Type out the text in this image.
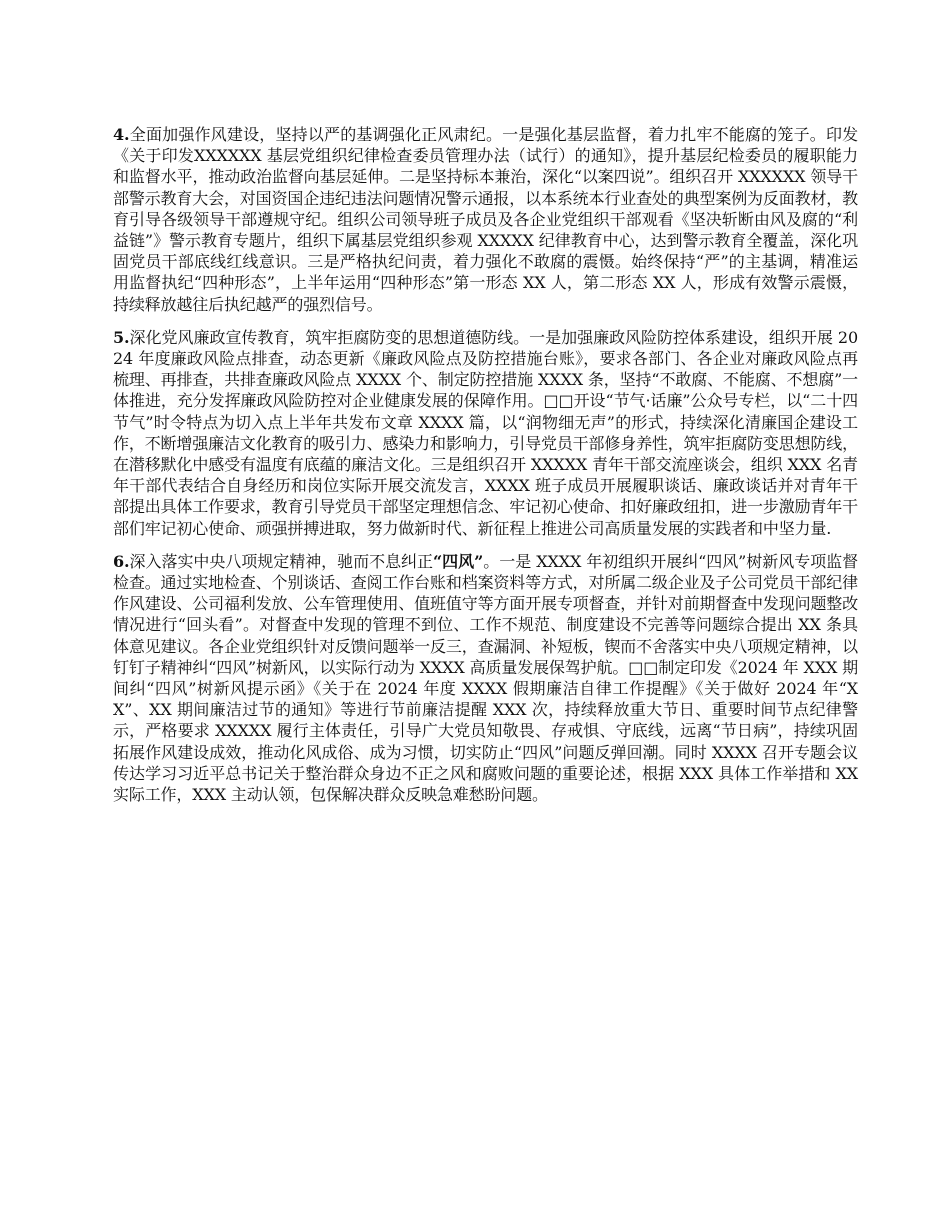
4.全面加强作风建设，坚持以严的基调强化正风肃纪。一是强化基层监督，着力扎牢不能腐的笼子。印发《关于印发XXXXXX 基层党组织纪律检查委员管理办法（试行）的通知》，提升基层纪检委员的履职能力和监督水平，推动政治监督向基层延伸。二是坚持标本兼治，深化“以案四说”。组织召开 XXXXXX 领导干部警示教育大会，对国资国企违纪违法问题情况警示通报，以本系统本行业查处的典型案例为反面教材，教育引导各级领导干部遵规守纪。组织公司领导班子成员及各企业党组织干部观看《坚决斩断由风及腐的“利益链”》警示教育专题片，组织下属基层党组织参观 XXXXX 纪律教育中心，达到警示教育全覆盖，深化巩固党员干部底线红线意识。三是严格执纪问责，着力强化不敢腐的震慑。始终保持“严”的主基调，精准运用监督执纪“四种形态”，上半年运用“四种形态”第一形态 XX 人，第二形态 XX 人，形成有效警示震慑，持续释放越往后执纪越严的强烈信号。

5.深化党风廉政宣传教育，筑牢拒腐防变的思想道德防线。一是加强廉政风险防控体系建设，组织开展 2024 年度廉政风险点排查，动态更新《廉政风险点及防控措施台账》，要求各部门、各企业对廉政风险点再梳理、再排查，共排查廉政风险点 XXXX 个、制定防控措施 XXXX 条，坚持“不敢腐、不能腐、不想腐”一体推进，充分发挥廉政风险防控对企业健康发展的保障作用。□□开设“节气·话廉”公众号专栏，以“二十四节气”时令特点为切入点上半年共发布文章 XXXX 篇，以“润物细无声”的形式，持续深化清廉国企建设工作，不断增强廉洁文化教育的吸引力、感染力和影响力，引导党员干部修身养性，筑牢拒腐防变思想防线，在潜移默化中感受有温度有底蕴的廉洁文化。三是组织召开 XXXXX 青年干部交流座谈会，组织 XXX 名青年干部代表结合自身经历和岗位实际开展交流发言，XXXX 班子成员开展履职谈话、廉政谈话并对青年干部提出具体工作要求，教育引导党员干部坚定理想信念、牢记初心使命、扣好廉政纽扣，进一步激励青年干部们牢记初心使命、顽强拼搏进取，努力做新时代、新征程上推进公司高质量发展的实践者和中坚力量.

6.深入落实中央八项规定精神，驰而不息纠正“四风”。一是 XXXX 年初组织开展纠“四风”树新风专项监督检查。通过实地检查、个别谈话、查阅工作台账和档案资料等方式，对所属二级企业及子公司党员干部纪律作风建设、公司福利发放、公车管理使用、值班值守等方面开展专项督查，并针对前期督查中发现问题整改情况进行“回头看”。对督查中发现的管理不到位、工作不规范、制度建设不完善等问题综合提出 XX 条具体意见建议。各企业党组织针对反馈问题举一反三，查漏洞、补短板，锲而不舍落实中央八项规定精神，以钉钉子精神纠“四风”树新风，以实际行动为 XXXX 高质量发展保驾护航。□□制定印发《2024 年 XXX 期间纠“四风”树新风提示函》《关于在 2024 年度 XXXX 假期廉洁自律工作提醒》《关于做好 2024 年“XX”、XX 期间廉洁过节的通知》等进行节前廉洁提醒 XXX 次，持续释放重大节日、重要时间节点纪律警示，严格要求 XXXXX 履行主体责任，引导广大党员知敬畏、存戒惧、守底线，远离“节日病”，持续巩固拓展作风建设成效，推动化风成俗、成为习惯，切实防止“四风”问题反弹回潮。同时 XXXX 召开专题会议传达学习习近平总书记关于整治群众身边不正之风和腐败问题的重要论述，根据 XXX 具体工作举措和 XX 实际工作，XXX 主动认领，包保解决群众反映急难愁盼问题。
